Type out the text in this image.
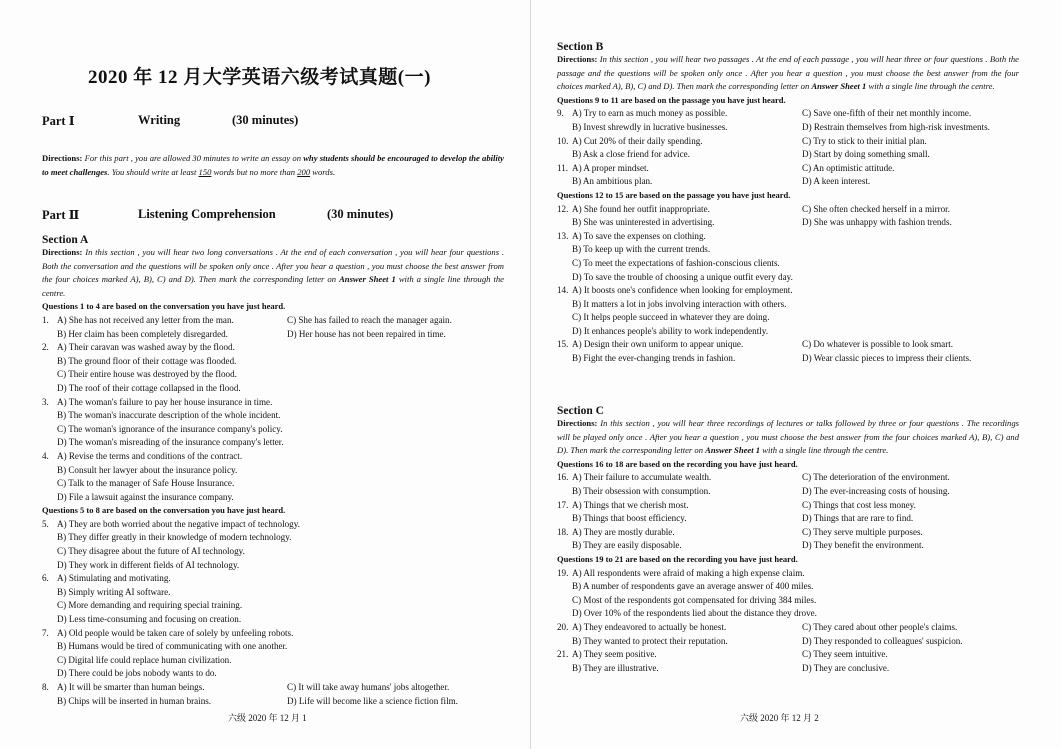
2020 年 12 月大学英语六级考试真题(一)
Part Ⅰ	Writing	(30 minutes)
Directions: For this part , you are allowed 30 minutes to write an essay on why students should be encouraged to develop the ability to meet challenges. You should write at least 150 words but no more than 200 words.
Part Ⅱ	Listening Comprehension	(30 minutes)
Section A
Directions: In this section , you will hear two long conversations . At the end of each conversation , you will hear four questions . Both the conversation and the questions will be spoken only once . After you hear a question , you must choose the best answer from the four choices marked A), B), C) and D). Then mark the corresponding letter on Answer Sheet 1 with a single line through the centre.
Questions 1 to 4 are based on the conversation you have just heard.
1. A) She has not received any letter from the man.	C) She has failed to reach the manager again.
B) Her claim has been completely disregarded.	D) Her house has not been repaired in time.
2. A) Their caravan was washed away by the flood.
B) The ground floor of their cottage was flooded.
C) Their entire house was destroyed by the flood.
D) The roof of their cottage collapsed in the flood.
3. A) The woman's failure to pay her house insurance in time.
B) The woman's inaccurate description of the whole incident.
C) The woman's ignorance of the insurance company's policy.
D) The woman's misreading of the insurance company's letter.
4. A) Revise the terms and conditions of the contract.
B) Consult her lawyer about the insurance policy.
C) Talk to the manager of Safe House Insurance.
D) File a lawsuit against the insurance company.
Questions 5 to 8 are based on the conversation you have just heard.
5. A) They are both worried about the negative impact of technology.
B) They differ greatly in their knowledge of modern technology.
C) They disagree about the future of AI technology.
D) They work in different fields of AI technology.
6. A) Stimulating and motivating.
B) Simply writing AI software.
C) More demanding and requiring special training.
D) Less time-consuming and focusing on creation.
7. A) Old people would be taken care of solely by unfeeling robots.
B) Humans would be tired of communicating with one another.
C) Digital life could replace human civilization.
D) There could be jobs nobody wants to do.
8. A) It will be smarter than human beings.	C) It will take away humans' jobs altogether.
B) Chips will be inserted in human brains.	D) Life will become like a science fiction film.
六级 2020 年 12 月 1
Section B
Directions: In this section , you will hear two passages . At the end of each passage , you will hear three or four questions . Both the passage and the questions will be spoken only once . After you hear a question , you must choose the best answer from the four choices marked A), B), C) and D). Then mark the corresponding letter on Answer Sheet 1 with a single line through the centre.
Questions 9 to 11 are based on the passage you have just heard.
9. A) Try to earn as much money as possible.	C) Save one-fifth of their net monthly income.
B) Invest shrewdly in lucrative businesses.	D) Restrain themselves from high-risk investments.
10. A) Cut 20% of their daily spending.	C) Try to stick to their initial plan.
B) Ask a close friend for advice.	D) Start by doing something small.
11. A) A proper mindset.	C) An optimistic attitude.
B) An ambitious plan.	D) A keen interest.
Questions 12 to 15 are based on the passage you have just heard.
12. A) She found her outfit inappropriate.	C) She often checked herself in a mirror.
B) She was uninterested in advertising.	D) She was unhappy with fashion trends.
13. A) To save the expenses on clothing.
B) To keep up with the current trends.
C) To meet the expectations of fashion-conscious clients.
D) To save the trouble of choosing a unique outfit every day.
14. A) It boosts one's confidence when looking for employment.
B) It matters a lot in jobs involving interaction with others.
C) It helps people succeed in whatever they are doing.
D) It enhances people's ability to work independently.
15. A) Design their own uniform to appear unique.	C) Do whatever is possible to look smart.
B) Fight the ever-changing trends in fashion.	D) Wear classic pieces to impress their clients.
Section C
Directions: In this section , you will hear three recordings of lectures or talks followed by three or four questions . The recordings will be played only once . After you hear a question , you must choose the best answer from the four choices marked A), B), C) and D). Then mark the corresponding letter on Answer Sheet 1 with a single line through the centre.
Questions 16 to 18 are based on the recording you have just heard.
16. A) Their failure to accumulate wealth.	C) The deterioration of the environment.
B) Their obsession with consumption.	D) The ever-increasing costs of housing.
17. A) Things that we cherish most.	C) Things that cost less money.
B) Things that boost efficiency.	D) Things that are rare to find.
18. A) They are mostly durable.	C) They serve multiple purposes.
B) They are easily disposable.	D) They benefit the environment.
Questions 19 to 21 are based on the recording you have just heard.
19. A) All respondents were afraid of making a high expense claim.
B) A number of respondents gave an average answer of 400 miles.
C) Most of the respondents got compensated for driving 384 miles.
D) Over 10% of the respondents lied about the distance they drove.
20. A) They endeavored to actually be honest.	C) They cared about other people's claims.
B) They wanted to protect their reputation.	D) They responded to colleagues' suspicion.
21. A) They seem positive.	C) They seem intuitive.
B) They are illustrative.	D) They are conclusive.
六级 2020 年 12 月 2
